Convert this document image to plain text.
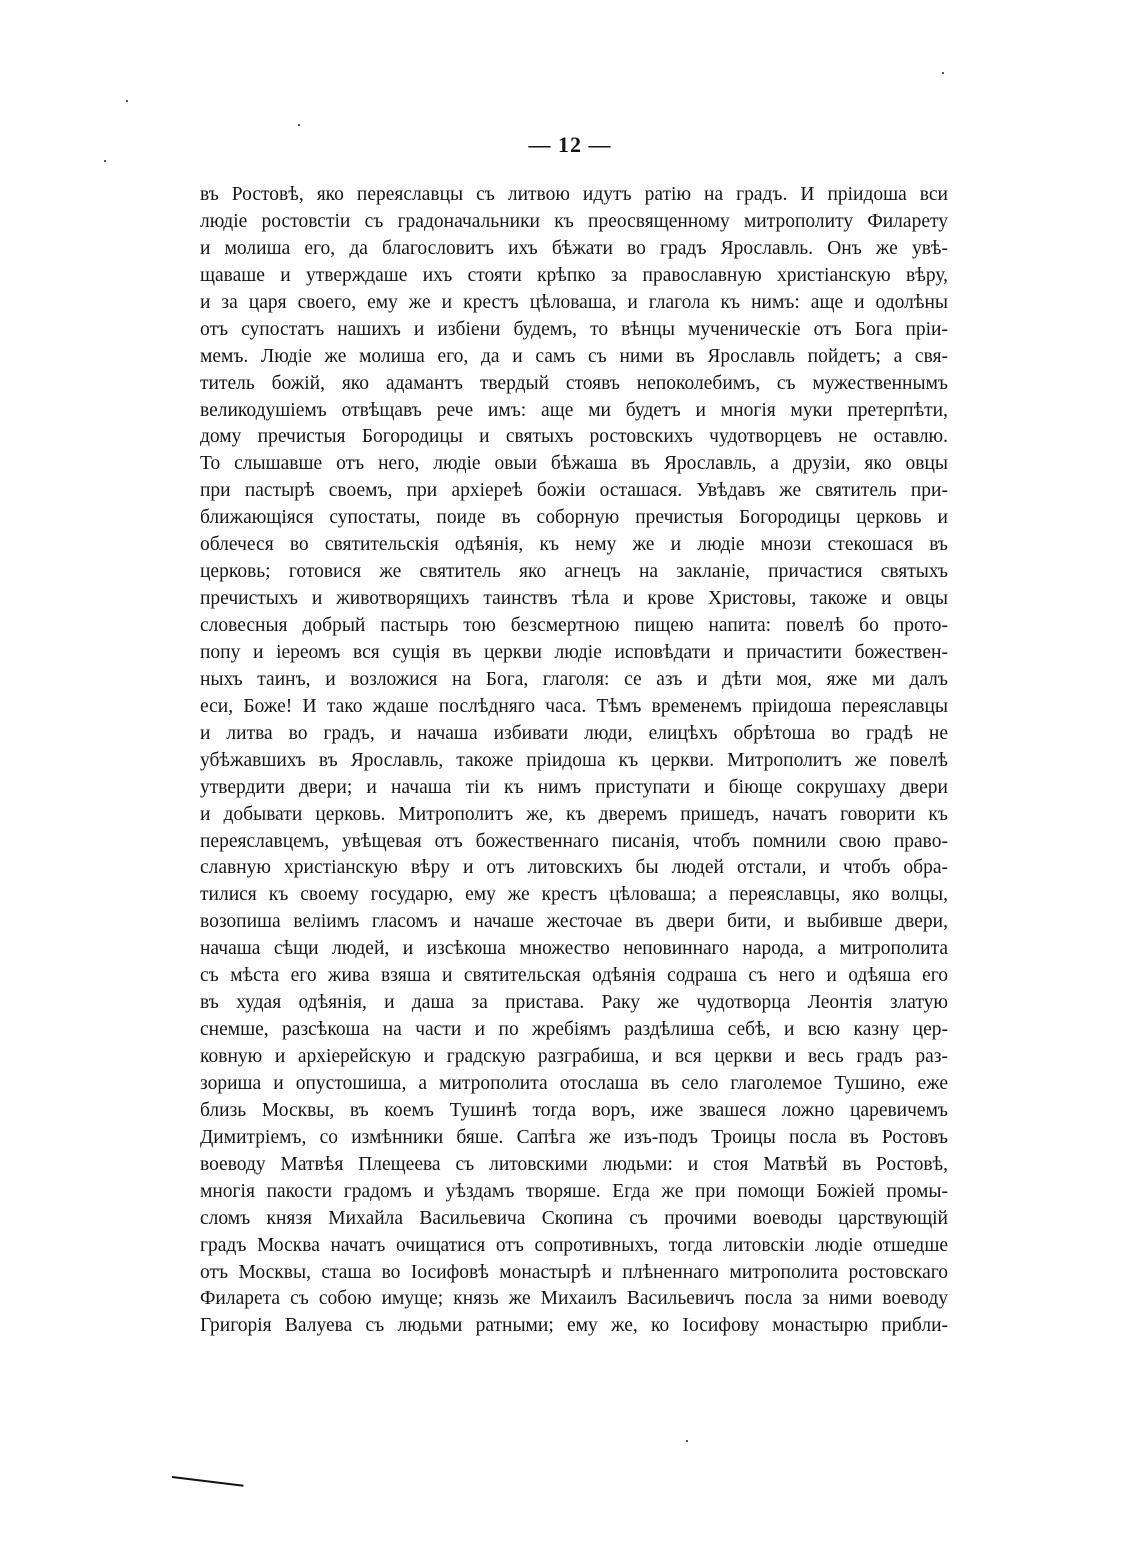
— 12 —
въ Ростовѣ, яко переяславцы съ литвою идутъ ратію на градъ. И пріидоша вси
людіе ростовстіи съ градоначальники къ преосвященному митрополиту Филарету
и молиша его, да благословитъ ихъ бѣжати во градъ Ярославль. Онъ же увѣ-
щаваше и утверждаше ихъ стояти крѣпко за православную христіанскую вѣру,
и за царя своего, ему же и крестъ цѣловаша, и глагола къ нимъ: аще и одолѣны
отъ супостатъ нашихъ и избіени будемъ, то вѣнцы мученическіе отъ Бога пріи-
мемъ. Людіе же молиша его, да и самъ съ ними въ Ярославль пойдетъ; а свя-
титель божій, яко адамантъ твердый стоявъ непоколебимъ, съ мужественнымъ
великодушіемъ отвѣщавъ рече имъ: аще ми будетъ и многія муки претерпѣти,
дому пречистыя Богородицы и святыхъ ростовскихъ чудотворцевъ не оставлю.
То слышавше отъ него, людіе овыи бѣжаша въ Ярославль, а друзіи, яко овцы
при пастырѣ своемъ, при архіереѣ божіи осташася. Увѣдавъ же святитель при-
ближающіяся супостаты, поиде въ соборную пречистыя Богородицы церковь и
облечеся во святительскія одѣянія, къ нему же и людіе мнози стекошася въ
церковь; готовися же святитель яко агнецъ на закланіе, причастися святыхъ
пречистыхъ и животворящихъ таинствъ тѣла и крове Христовы, такоже и овцы
словесныя добрый пастырь тою безсмертною пищею напита: повелѣ бо прото-
попу и іереомъ вся сущія въ церкви людіе исповѣдати и причастити божествен-
ныхъ таинъ, и возложися на Бога, глаголя: се азъ и дѣти моя, яже ми далъ
еси, Боже! И тако ждаше послѣдняго часа. Тѣмъ временемъ пріидоша переяславцы
и литва во градъ, и начаша избивати люди, елицѣхъ обрѣтоша во градѣ не
убѣжавшихъ въ Ярославль, такоже пріидоша къ церкви. Митрополитъ же повелѣ
утвердити двери; и начаша тіи къ нимъ приступати и біюще сокрушаху двери
и добывати церковь. Митрополитъ же, къ дверемъ пришедъ, начатъ говорити къ
переяславцемъ, увѣщевая отъ божественнаго писанія, чтобъ помнили свою право-
славную христіанскую вѣру и отъ литовскихъ бы людей отстали, и чтобъ обра-
тилися къ своему государю, ему же крестъ цѣловаша; а переяславцы, яко волцы,
возопиша веліимъ гласомъ и начаше жесточае въ двери бити, и выбивше двери,
начаша сѣщи людей, и изсѣкоша множество неповиннаго народа, а митрополита
съ мѣста его жива взяша и святительская одѣянія содраша съ него и одѣяша его
въ худая одѣянія, и даша за пристава. Раку же чудотворца Леонтія златую
снемше, разсѣкоша на части и по жребіямъ раздѣлиша себѣ, и всю казну цер-
ковную и архіерейскую и градскую разграбиша, и вся церкви и весь градъ раз-
зориша и опустошиша, а митрополита отослаша въ село глаголемое Тушино, еже
близь Москвы, въ коемъ Тушинѣ тогда воръ, иже звашеся ложно царевичемъ
Димитріемъ, со измѣнники бяше. Сапѣга же изъ-подъ Троицы посла въ Ростовъ
воеводу Матвѣя Плещеева съ литовскими людьми: и стоя Матвѣй въ Ростовѣ,
многія пакости градомъ и уѣздамъ творяше. Егда же при помощи Божіей промы-
сломъ князя Михайла Васильевича Скопина съ прочими воеводы царствующій
градъ Москва начатъ очищатися отъ сопротивныхъ, тогда литовскіи людіе отшедше
отъ Москвы, сташа во Іосифовѣ монастырѣ и плѣненнаго митрополита ростовскаго
Филарета съ собою имуще; князь же Михаилъ Васильевичъ посла за ними воеводу
Григорія Валуева съ людьми ратными; ему же, ко Іосифову монастырю прибли-
